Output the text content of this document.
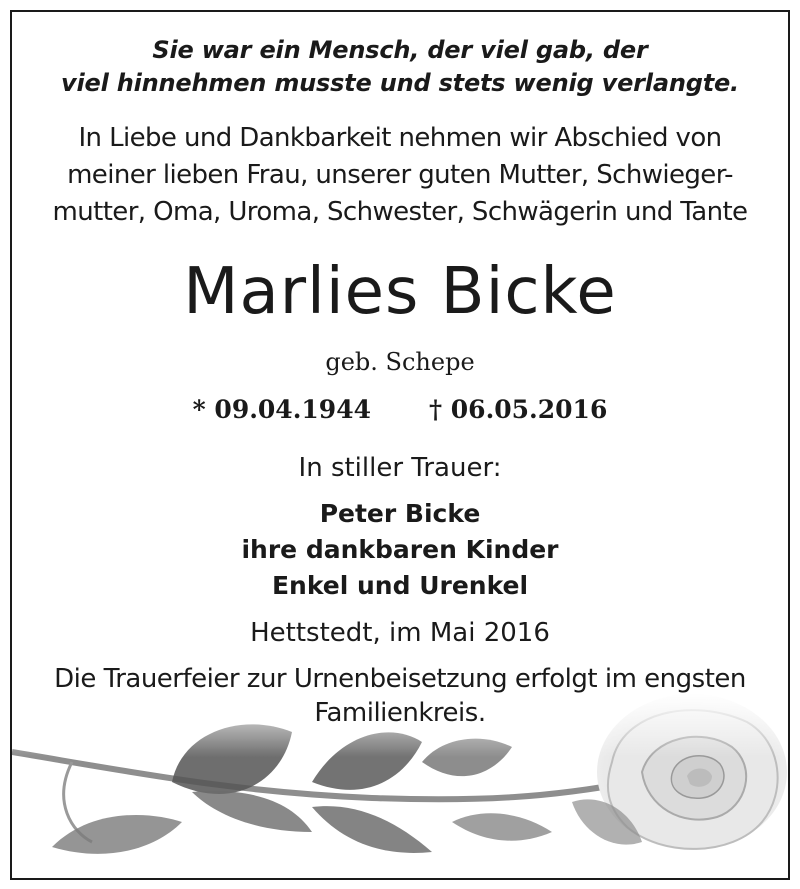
Sie war ein Mensch, der viel gab, der
viel hinnehmen musste und stets wenig verlangte.
In Liebe und Dankbarkeit nehmen wir Abschied von
meiner lieben Frau, unserer guten Mutter, Schwieger-
mutter, Oma, Uroma, Schwester, Schwägerin und Tante
Marlies Bicke
geb. Schepe
* 09.04.1944 † 06.05.2016
In stiller Trauer:
Peter Bicke
ihre dankbaren Kinder
Enkel und Urenkel
Hettstedt, im Mai 2016
Die Trauerfeier zur Urnenbeisetzung erfolgt im engsten
Familienkreis.
